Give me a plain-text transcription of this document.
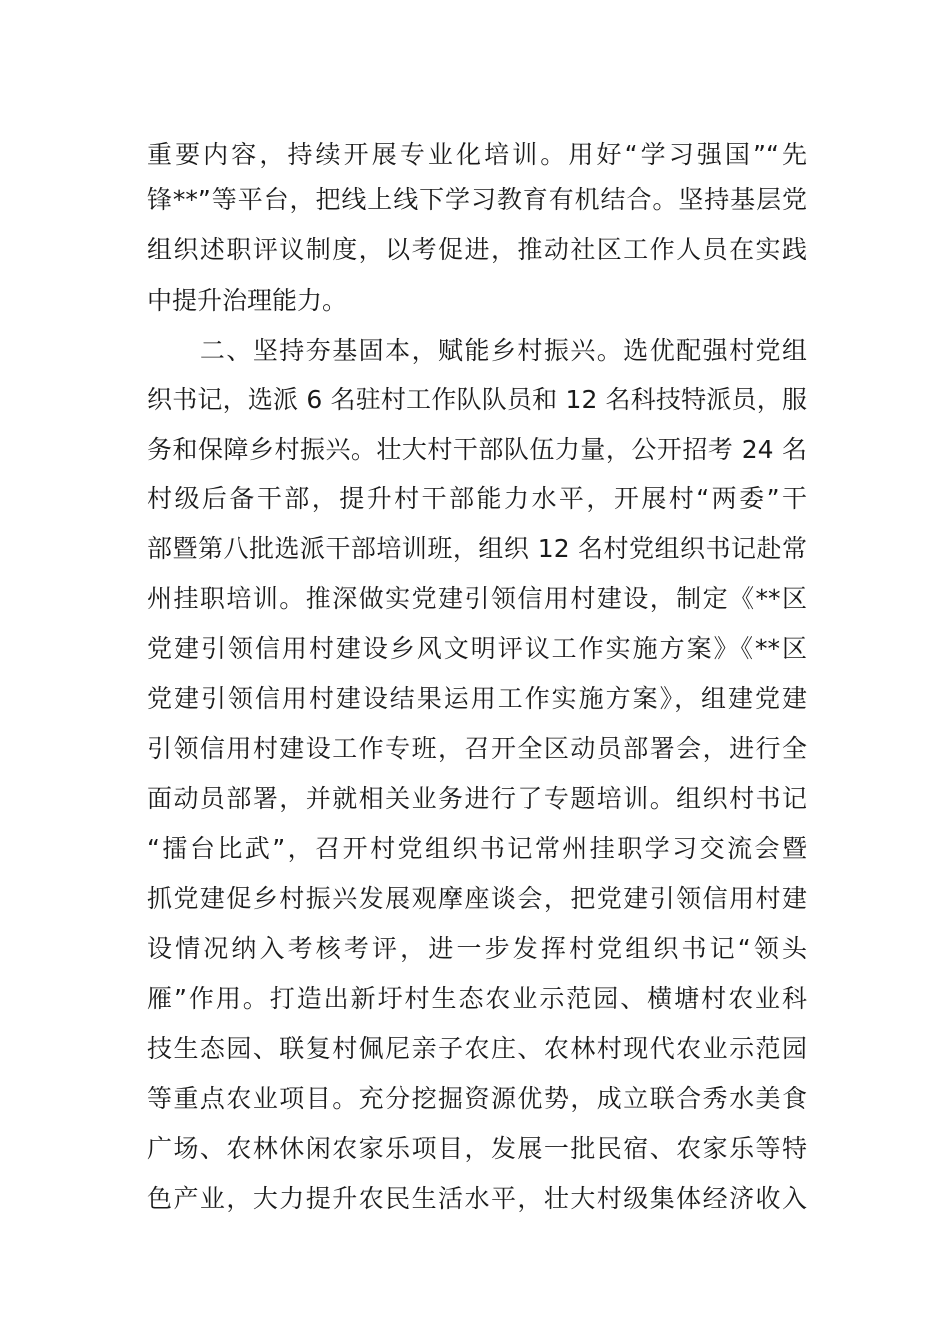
重要内容，持续开展专业化培训。用好“学习强国”“先
锋**”等平台，把线上线下学习教育有机结合。坚持基层党
组织述职评议制度，以考促进，推动社区工作人员在实践
中提升治理能力。
　　二、坚持夯基固本，赋能乡村振兴。选优配强村党组
织书记，选派 6 名驻村工作队队员和 12 名科技特派员，服
务和保障乡村振兴。壮大村干部队伍力量，公开招考 24 名
村级后备干部，提升村干部能力水平，开展村“两委”干
部暨第八批选派干部培训班，组织 12 名村党组织书记赴常
州挂职培训。推深做实党建引领信用村建设，制定《**区
党建引领信用村建设乡风文明评议工作实施方案》《**区
党建引领信用村建设结果运用工作实施方案》，组建党建
引领信用村建设工作专班，召开全区动员部署会，进行全
面动员部署，并就相关业务进行了专题培训。组织村书记
“擂台比武”，召开村党组织书记常州挂职学习交流会暨
抓党建促乡村振兴发展观摩座谈会，把党建引领信用村建
设情况纳入考核考评，进一步发挥村党组织书记“领头
雁”作用。打造出新圩村生态农业示范园、横塘村农业科
技生态园、联复村佩尼亲子农庄、农林村现代农业示范园
等重点农业项目。充分挖掘资源优势，成立联合秀水美食
广场、农林休闲农家乐项目，发展一批民宿、农家乐等特
色产业，大力提升农民生活水平，壮大村级集体经济收入
